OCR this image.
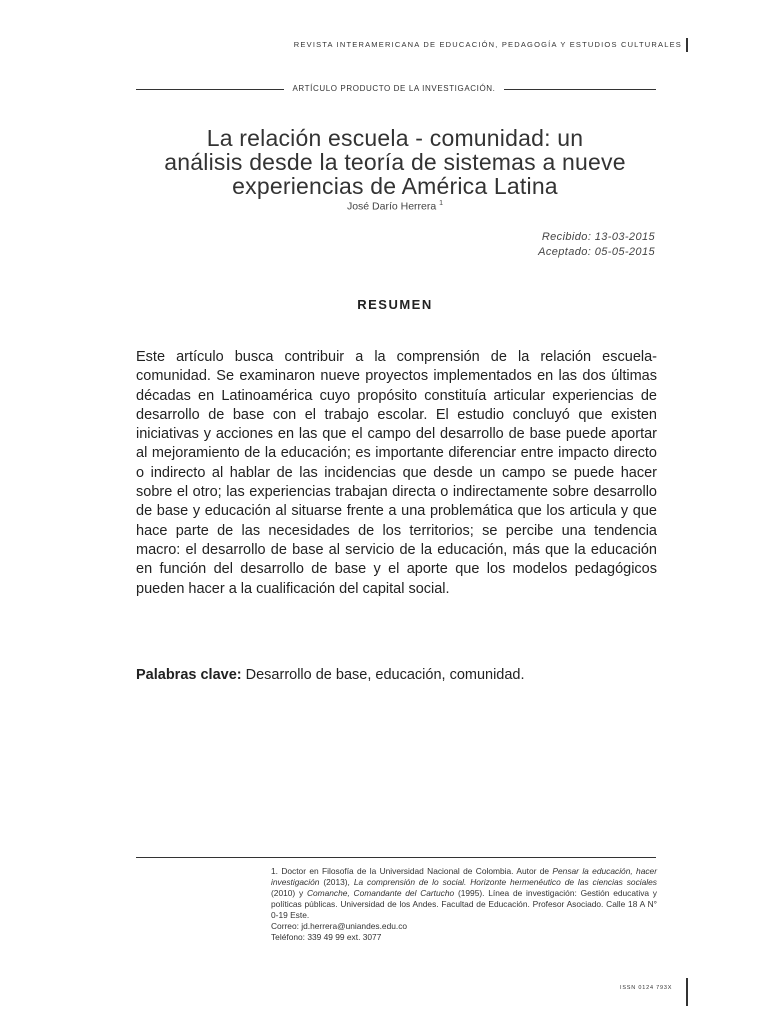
REVISTA INTERAMERICANA DE EDUCACIÓN, PEDAGOGÍA Y ESTUDIOS CULTURALES
ARTÍCULO PRODUCTO DE LA INVESTIGACIÓN.
La relación escuela - comunidad: un
análisis desde la teoría de sistemas a nueve
experiencias de América Latina
José Darío Herrera $^1$
Recibido: 13-03-2015
Aceptado: 05-05-2015
RESUMEN

Este artículo busca contribuir a la comprensión de la relación escuela-comunidad. Se examinaron nueve proyectos implementados en las dos últimas décadas en Latinoamérica cuyo propósito constituía articular experiencias de desarrollo de base con el trabajo escolar. El estudio concluyó que existen iniciativas y acciones en las que el campo del desarrollo de base puede aportar al mejoramiento de la educación; es importante diferenciar entre impacto directo o indirecto al hablar de las incidencias que desde un campo se puede hacer sobre el otro; las experiencias trabajan directa o indirectamente sobre desarrollo de base y educación al situarse frente a una problemática que los articula y que hace parte de las necesidades de los territorios; se percibe una tendencia macro: el desarrollo de base al servicio de la educación, más que la educación en función del desarrollo de base y el aporte que los modelos pedagógicos pueden hacer a la cualificación del capital social.

Palabras clave: Desarrollo de base, educación, comunidad.

1. Doctor en Filosofía de la Universidad Nacional de Colombia. Autor de Pensar la educación, hacer investigación (2013), La comprensión de lo social. Horizonte hermenéutico de las ciencias sociales (2010) y Comanche, Comandante del Cartucho (1995). Línea de investigación: Gestión educativa y políticas públicas. Universidad de los Andes. Facultad de Educación. Profesor Asociado. Calle 18 A N° 0-19 Este.
Correo: jd.herrera@uniandes.edu.co
Teléfono: 339 49 99 ext. 3077
ISSN 0124 793X
